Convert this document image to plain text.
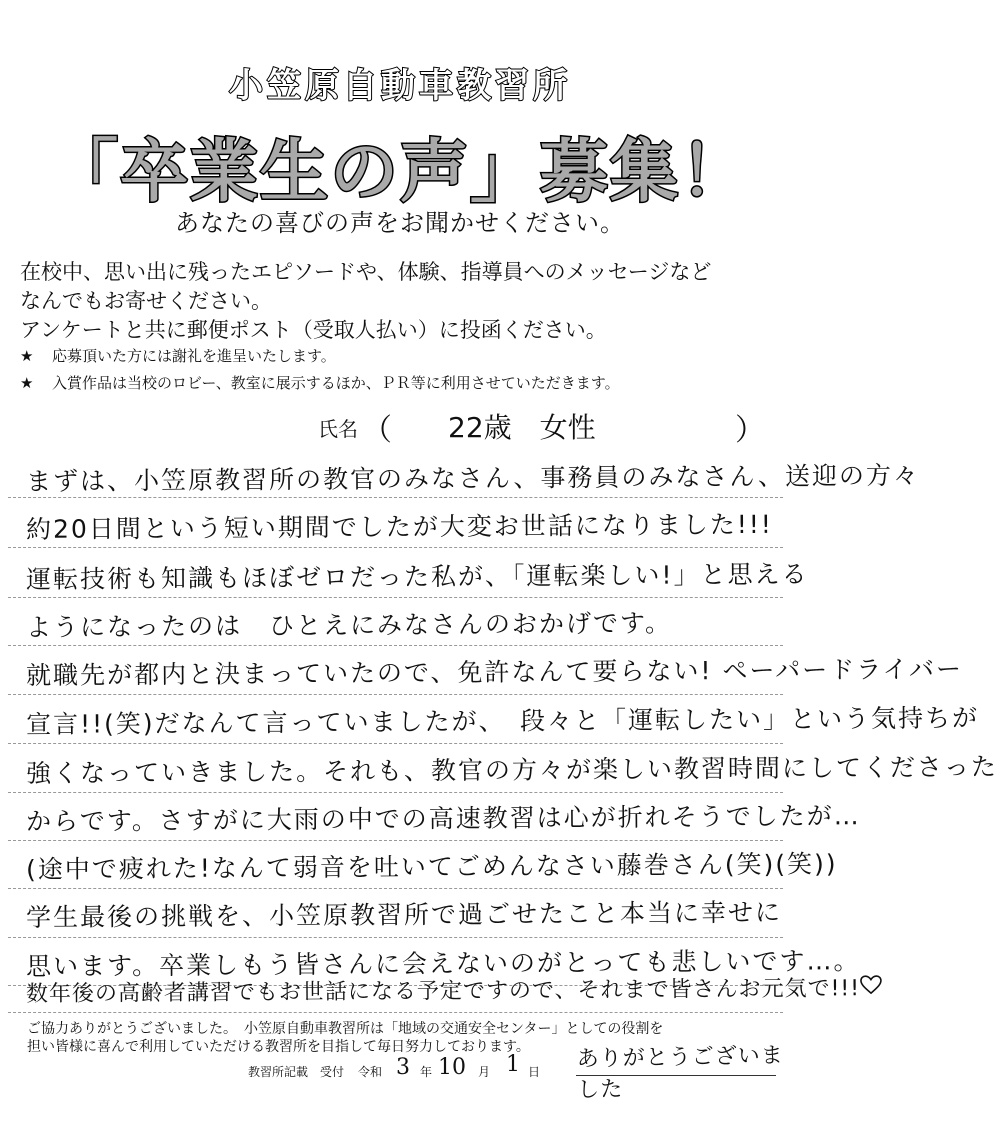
小笠原自動車教習所
「卒業生の声」募集！
あなたの喜びの声をお聞かせください。
在校中、思い出に残ったエピソードや、体験、指導員へのメッセージなど
なんでもお寄せください。
アンケートと共に郵便ポスト（受取人払い）に投函ください。
★ 応募頂いた方には謝礼を進呈いたします。
★ 入賞作品は当校のロビー、教室に展示するほか、ＰＲ等に利用させていただきます。
氏名 （ 22歳　女性	）
まずは、小笠原教習所の教官のみなさん、事務員のみなさん、送迎の方々
約20日間という短い期間でしたが大変お世話になりました!!!
運転技術も知識もほぼゼロだった私が、「運転楽しい!」と思える
ようになったのは　ひとえにみなさんのおかげです。
就職先が都内と決まっていたので、免許なんて要らない! ペーパードライバー
宣言!!(笑)だなんて言っていましたが、　段々と「運転したい」という気持ちが
強くなっていきました。それも、教官の方々が楽しい教習時間にしてくださった
からです。さすがに大雨の中での高速教習は心が折れそうでしたが…
(途中で疲れた!なんて弱音を吐いてごめんなさい藤巻さん(笑)(笑))
学生最後の挑戦を、小笠原教習所で過ごせたこと本当に幸せに
思います。卒業しもう皆さんに会えないのがとっても悲しいです…。
数年後の高齢者講習でもお世話になる予定ですので、それまで皆さんお元気で!!!
ご協力ありがとうございました。　小笠原自動車教習所は「地域の交通安全センター」としての役割を
担い皆様に喜んで利用していただける教習所を目指して毎日努力しております。	ありがとうございました
教習所記載　受付 令和 3 年 10 月 1 日
